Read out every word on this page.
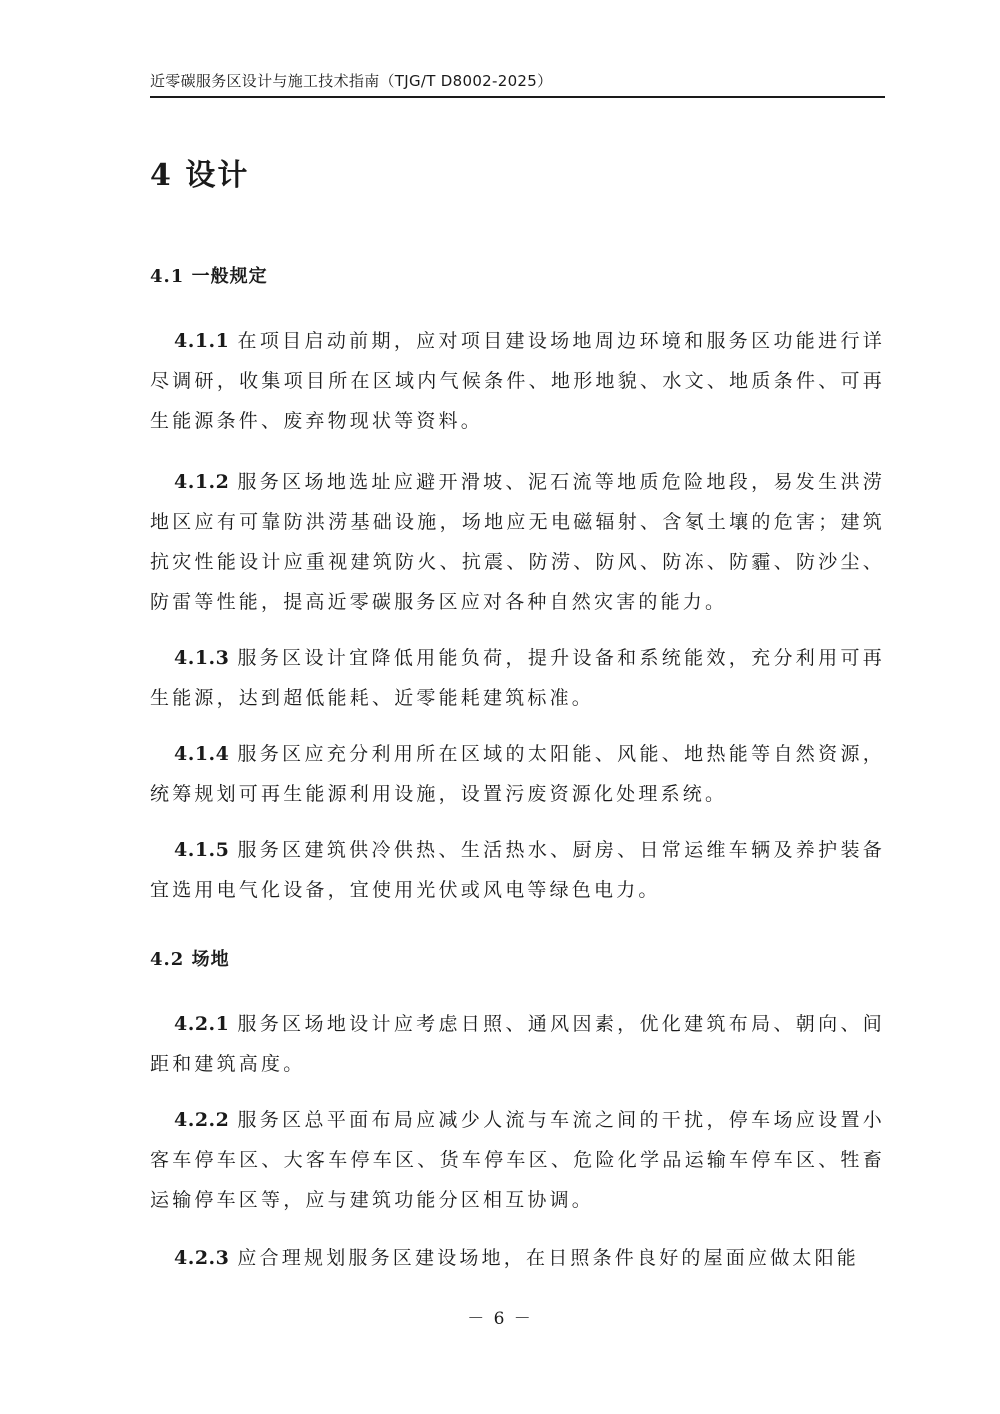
近零碳服务区设计与施工技术指南（TJG/T D8002-2025）
4 设计
4.1 一般规定
4.1.1 在项目启动前期，应对项目建设场地周边环境和服务区功能进行详尽调研，收集项目所在区域内气候条件、地形地貌、水文、地质条件、可再生能源条件、废弃物现状等资料。
4.1.2 服务区场地选址应避开滑坡、泥石流等地质危险地段，易发生洪涝地区应有可靠防洪涝基础设施，场地应无电磁辐射、含氡土壤的危害；建筑抗灾性能设计应重视建筑防火、抗震、防涝、防风、防冻、防霾、防沙尘、防雷等性能，提高近零碳服务区应对各种自然灾害的能力。
4.1.3 服务区设计宜降低用能负荷，提升设备和系统能效，充分利用可再生能源，达到超低能耗、近零能耗建筑标准。
4.1.4 服务区应充分利用所在区域的太阳能、风能、地热能等自然资源，统筹规划可再生能源利用设施，设置污废资源化处理系统。
4.1.5 服务区建筑供冷供热、生活热水、厨房、日常运维车辆及养护装备宜选用电气化设备，宜使用光伏或风电等绿色电力。
4.2 场地
4.2.1 服务区场地设计应考虑日照、通风因素，优化建筑布局、朝向、间距和建筑高度。
4.2.2 服务区总平面布局应减少人流与车流之间的干扰，停车场应设置小客车停车区、大客车停车区、货车停车区、危险化学品运输车停车区、牲畜运输停车区等，应与建筑功能分区相互协调。
4.2.3 应合理规划服务区建设场地，在日照条件良好的屋面应做太阳能
－ 6 －
